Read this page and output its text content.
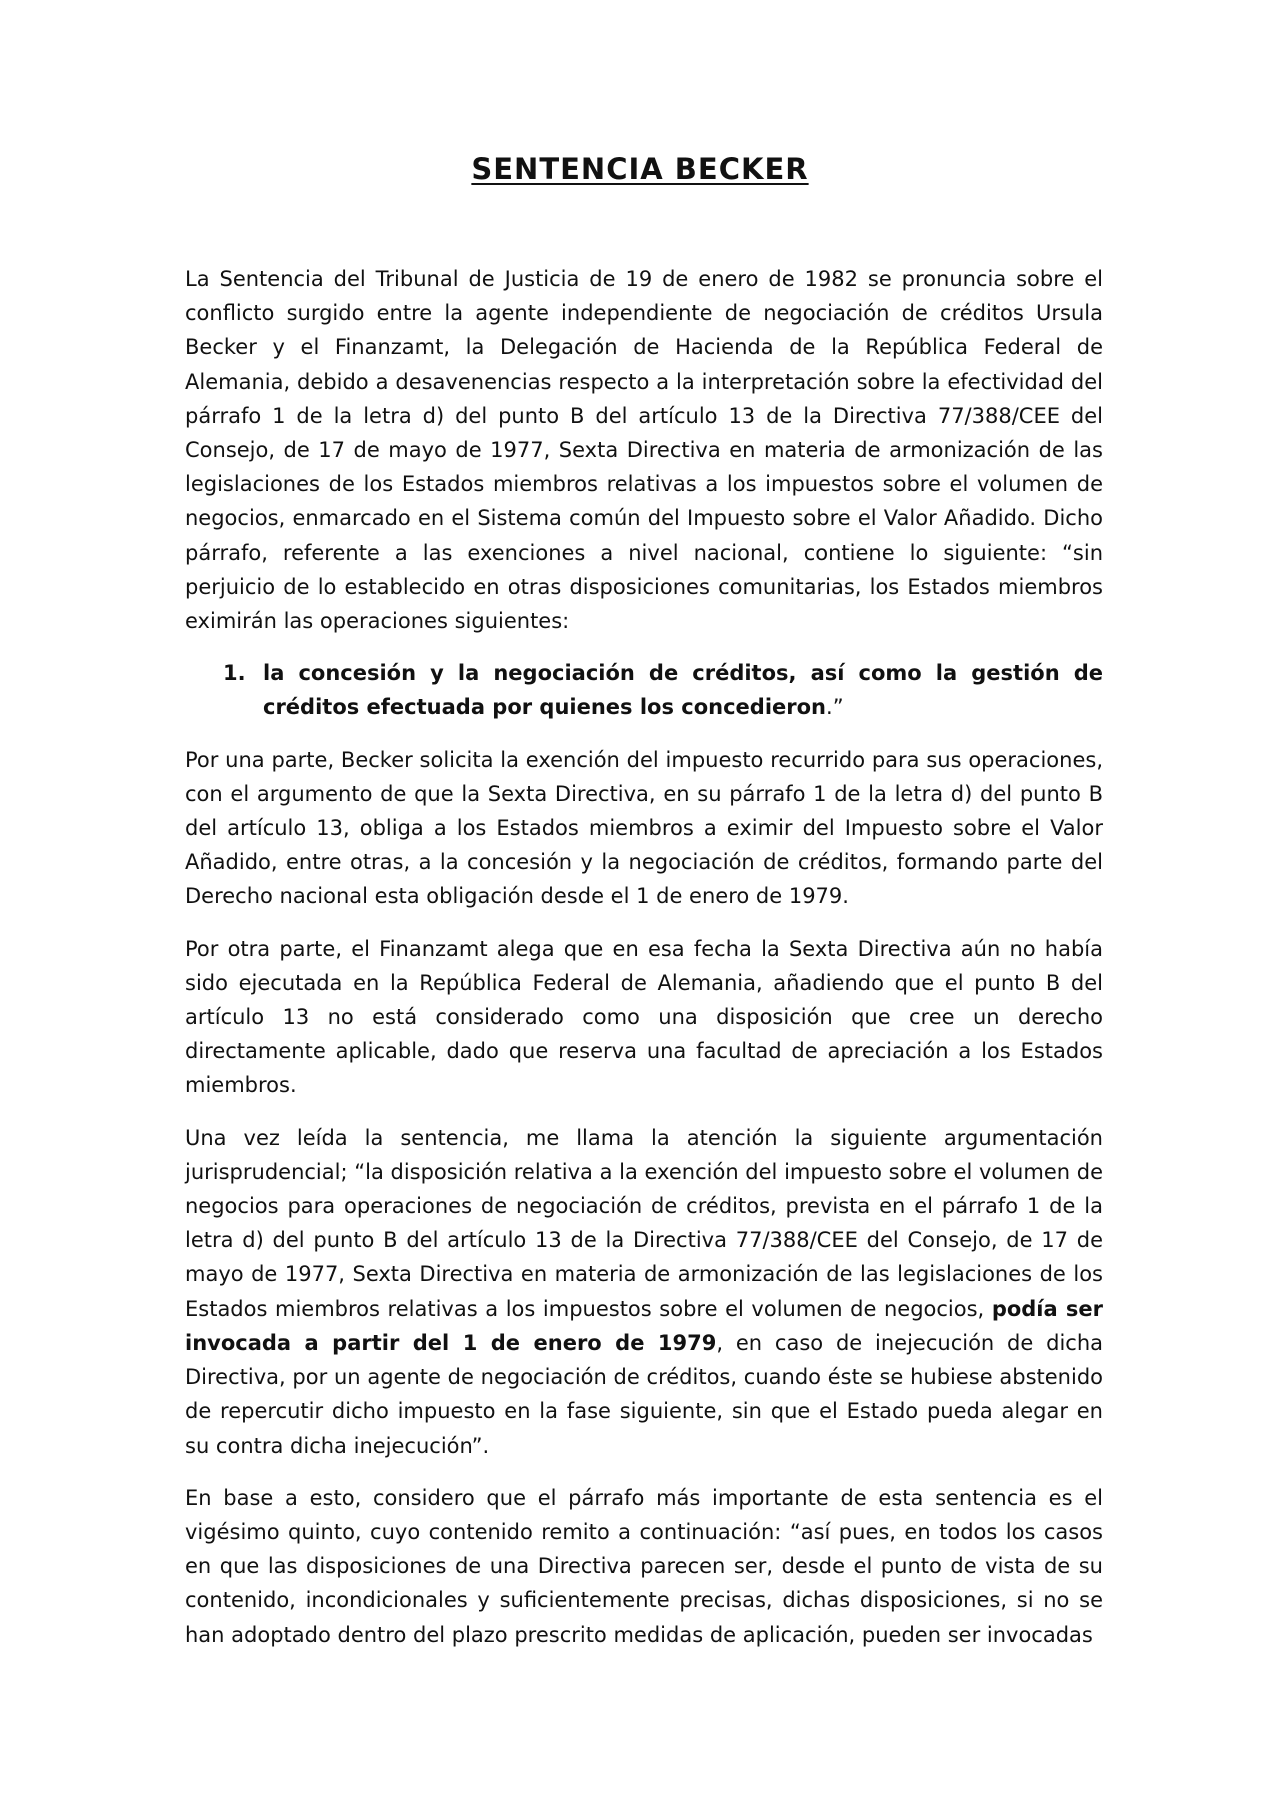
SENTENCIA BECKER

La Sentencia del Tribunal de Justicia de 19 de enero de 1982 se pronuncia sobre el conflicto surgido entre la agente independiente de negociación de créditos Ursula Becker y el Finanzamt, la Delegación de Hacienda de la República Federal de Alemania, debido a desavenencias respecto a la interpretación sobre la efectividad del párrafo 1 de la letra d) del punto B del artículo 13 de la Directiva 77/388/CEE del Consejo, de 17 de mayo de 1977, Sexta Directiva en materia de armonización de las legislaciones de los Estados miembros relativas a los impuestos sobre el volumen de negocios, enmarcado en el Sistema común del Impuesto sobre el Valor Añadido. Dicho párrafo, referente a las exenciones a nivel nacional, contiene lo siguiente: “sin perjuicio de lo establecido en otras disposiciones comunitarias, los Estados miembros eximirán las operaciones siguientes:

1. la concesión y la negociación de créditos, así como la gestión de créditos efectuada por quienes los concedieron.”

Por una parte, Becker solicita la exención del impuesto recurrido para sus operaciones, con el argumento de que la Sexta Directiva, en su párrafo 1 de la letra d) del punto B del artículo 13, obliga a los Estados miembros a eximir del Impuesto sobre el Valor Añadido, entre otras, a la concesión y la negociación de créditos, formando parte del Derecho nacional esta obligación desde el 1 de enero de 1979.

Por otra parte, el Finanzamt alega que en esa fecha la Sexta Directiva aún no había sido ejecutada en la República Federal de Alemania, añadiendo que el punto B del artículo 13 no está considerado como una disposición que cree un derecho directamente aplicable, dado que reserva una facultad de apreciación a los Estados miembros.

Una vez leída la sentencia, me llama la atención la siguiente argumentación jurisprudencial; “la disposición relativa a la exención del impuesto sobre el volumen de negocios para operaciones de negociación de créditos, prevista en el párrafo 1 de la letra d) del punto B del artículo 13 de la Directiva 77/388/CEE del Consejo, de 17 de mayo de 1977, Sexta Directiva en materia de armonización de las legislaciones de los Estados miembros relativas a los impuestos sobre el volumen de negocios, podía ser invocada a partir del 1 de enero de 1979, en caso de inejecución de dicha Directiva, por un agente de negociación de créditos, cuando éste se hubiese abstenido de repercutir dicho impuesto en la fase siguiente, sin que el Estado pueda alegar en su contra dicha inejecución”.

En base a esto, considero que el párrafo más importante de esta sentencia es el vigésimo quinto, cuyo contenido remito a continuación: “así pues, en todos los casos en que las disposiciones de una Directiva parecen ser, desde el punto de vista de su contenido, incondicionales y suficientemente precisas, dichas disposiciones, si no se han adoptado dentro del plazo prescrito medidas de aplicación, pueden ser invocadas
